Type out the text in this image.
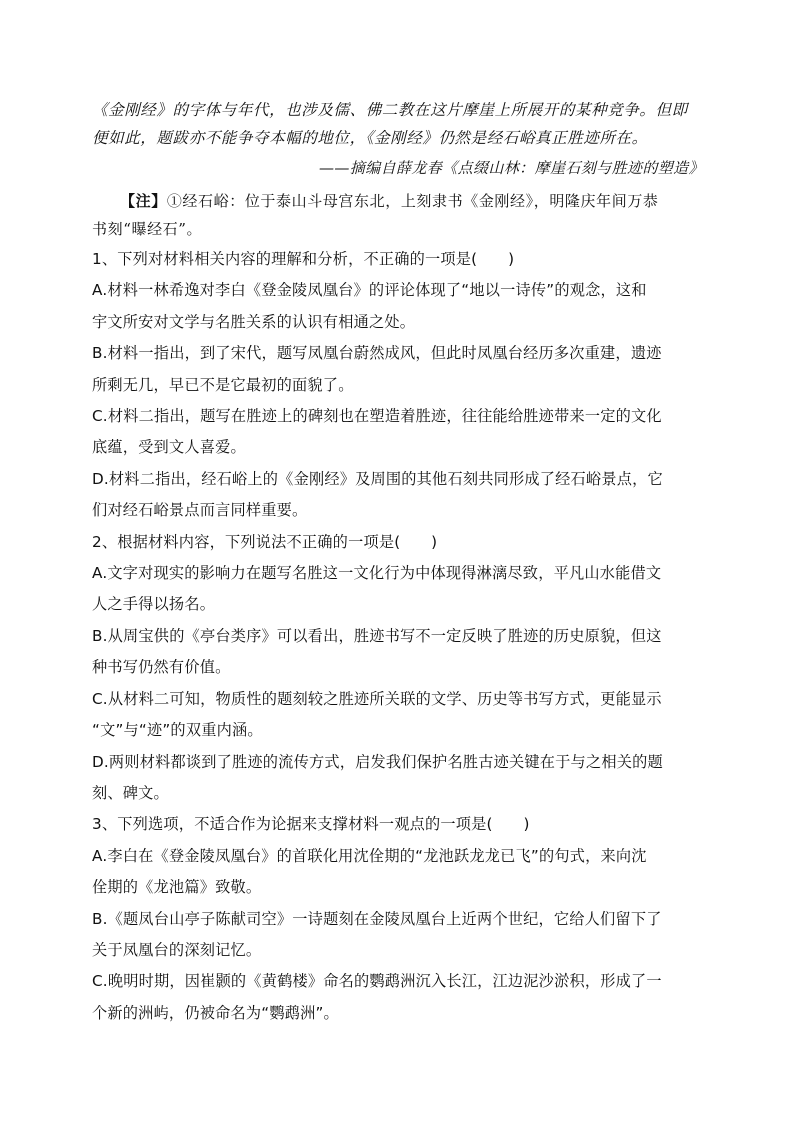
《金刚经》的字体与年代，也涉及儒、佛二教在这片摩崖上所展开的某种竞争。但即

便如此，题跋亦不能争夺本幅的地位，《金刚经》仍然是经石峪真正胜迹所在。

——摘编自薛龙春《点缀山林：摩崖石刻与胜迹的塑造》
【注】①经石峪：位于泰山斗母宫东北，上刻隶书《金刚经》，明隆庆年间万恭
书刻“曝经石”。

1、下列对材料相关内容的理解和分析，不正确的一项是(　　)

A.材料一林希逸对李白《登金陵凤凰台》的评论体现了“地以一诗传”的观念，这和
宇文所安对文学与名胜关系的认识有相通之处。

B.材料一指出，到了宋代，题写凤凰台蔚然成风，但此时凤凰台经历多次重建，遗迹
所剩无几，早已不是它最初的面貌了。

C.材料二指出，题写在胜迹上的碑刻也在塑造着胜迹，往往能给胜迹带来一定的文化
底蕴，受到文人喜爱。

D.材料二指出，经石峪上的《金刚经》及周围的其他石刻共同形成了经石峪景点，它
们对经石峪景点而言同样重要。

2、根据材料内容，下列说法不正确的一项是(　　)

A.文字对现实的影响力在题写名胜这一文化行为中体现得淋漓尽致，平凡山水能借文
人之手得以扬名。

B.从周宝供的《亭台类序》可以看出，胜迹书写不一定反映了胜迹的历史原貌，但这
种书写仍然有价值。

C.从材料二可知，物质性的题刻较之胜迹所关联的文学、历史等书写方式，更能显示
“文”与“迹”的双重内涵。

D.两则材料都谈到了胜迹的流传方式，启发我们保护名胜古迹关键在于与之相关的题
刻、碑文。

3、下列选项，不适合作为论据来支撑材料一观点的一项是(　　)

A.李白在《登金陵凤凰台》的首联化用沈佺期的“龙池跃龙龙已飞”的句式，来向沈
佺期的《龙池篇》致敬。

B.《题凤台山亭子陈献司空》一诗题刻在金陵凤凰台上近两个世纪，它给人们留下了
关于凤凰台的深刻记忆。

C.晚明时期，因崔颢的《黄鹤楼》命名的鹦鹉洲沉入长江，江边泥沙淤积，形成了一
个新的洲屿，仍被命名为“鹦鹉洲”。
